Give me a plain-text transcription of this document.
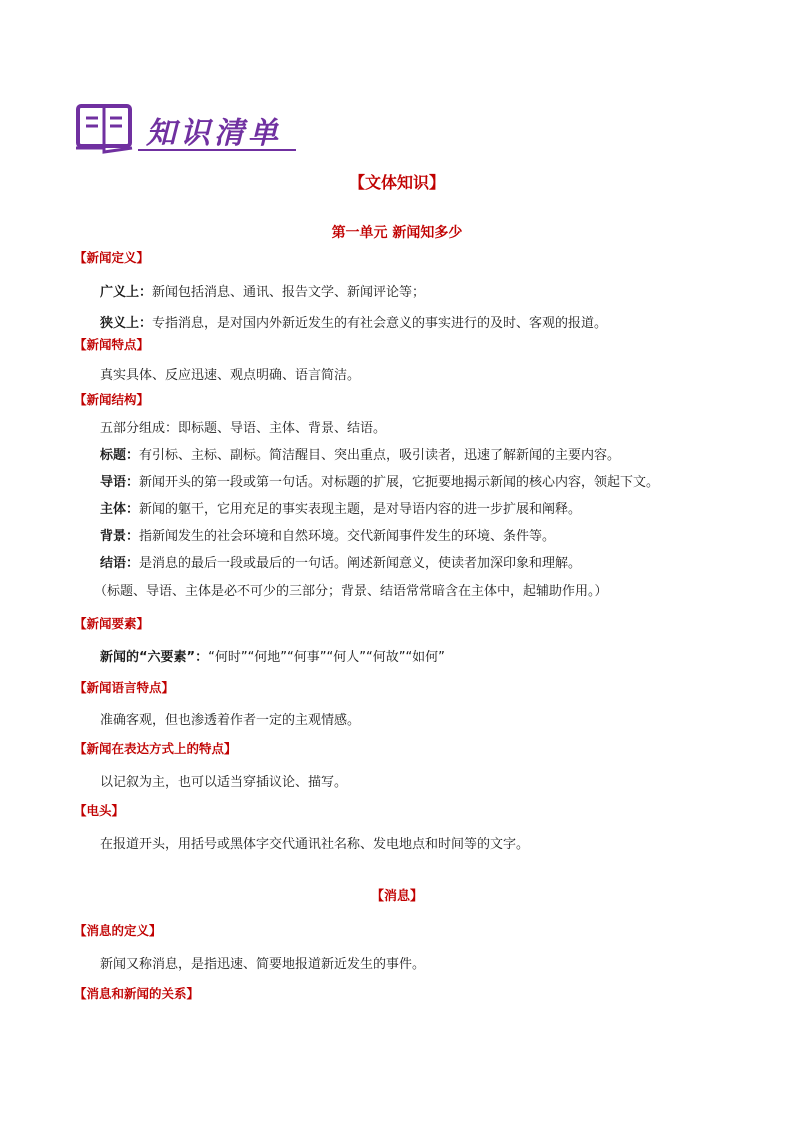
知识清单
【文体知识】
第一单元 新闻知多少
【新闻定义】
广义上：新闻包括消息、通讯、报告文学、新闻评论等；
狭义上：专指消息，是对国内外新近发生的有社会意义的事实进行的及时、客观的报道。
【新闻特点】
真实具体、反应迅速、观点明确、语言简洁。
【新闻结构】
五部分组成：即标题、导语、主体、背景、结语。
标题：有引标、主标、副标。简洁醒目、突出重点，吸引读者，迅速了解新闻的主要内容。
导语：新闻开头的第一段或第一句话。对标题的扩展，它扼要地揭示新闻的核心内容，领起下文。
主体：新闻的躯干，它用充足的事实表现主题，是对导语内容的进一步扩展和阐释。
背景：指新闻发生的社会环境和自然环境。交代新闻事件发生的环境、条件等。
结语：是消息的最后一段或最后的一句话。阐述新闻意义，使读者加深印象和理解。
（标题、导语、主体是必不可少的三部分；背景、结语常常暗含在主体中，起辅助作用。）
【新闻要素】
新闻的“六要素”：“何时”“何地”“何事”“何人”“何故”“如何”
【新闻语言特点】
准确客观，但也渗透着作者一定的主观情感。
【新闻在表达方式上的特点】
以记叙为主，也可以适当穿插议论、描写。
【电头】
在报道开头，用括号或黑体字交代通讯社名称、发电地点和时间等的文字。
【消息】
【消息的定义】
新闻又称消息，是指迅速、简要地报道新近发生的事件。
【消息和新闻的关系】
